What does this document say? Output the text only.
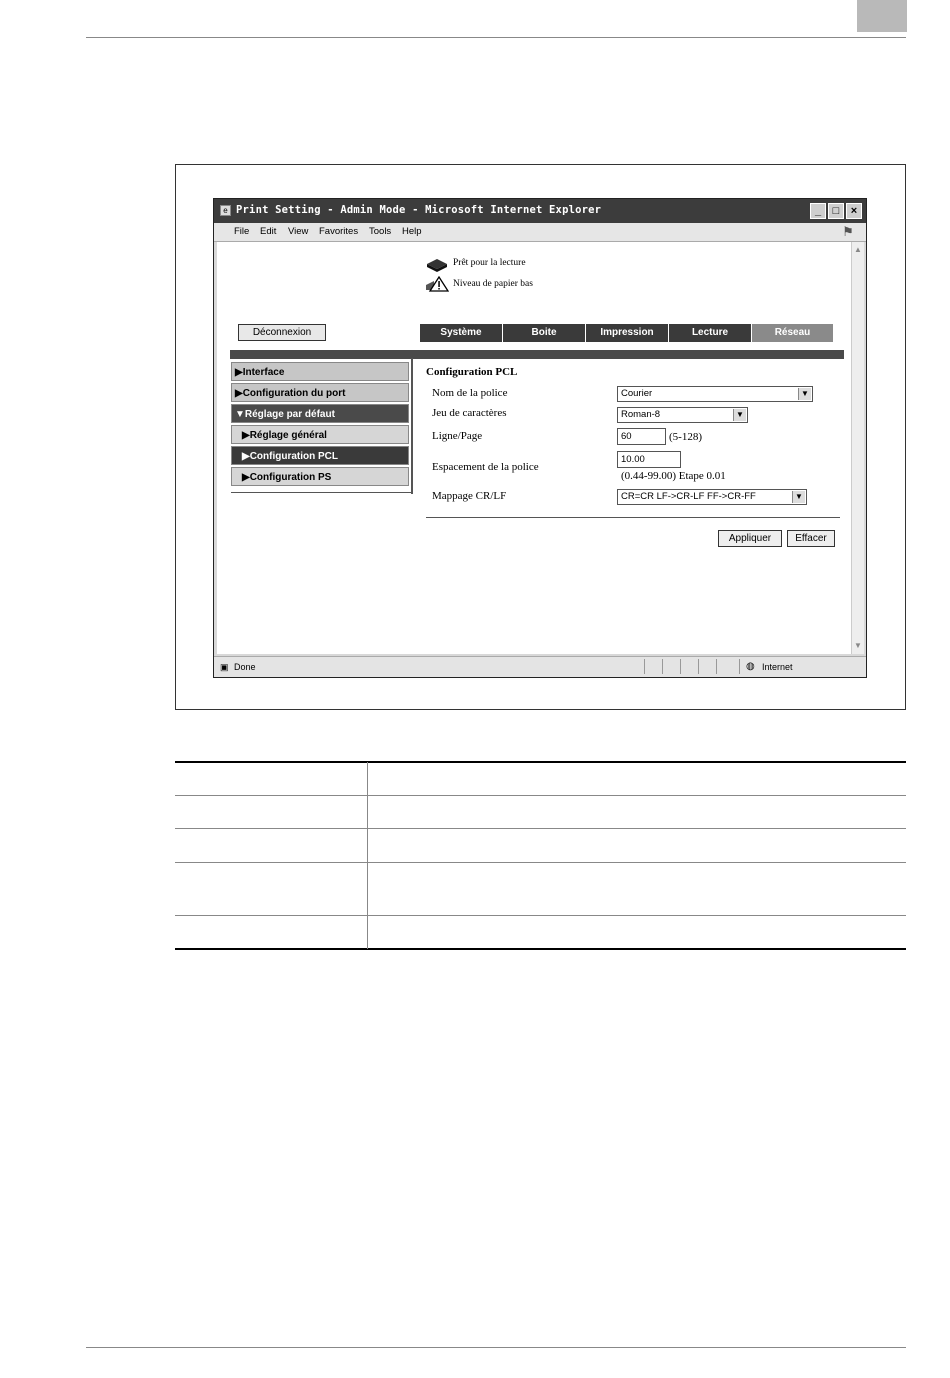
e Print Setting - Admin Mode - Microsoft Internet Explorer	_	□	×
File Edit View Favorites Tools Help	⚑
Prêt pour la lecture
Niveau de papier bas
Déconnexion	Système	Boite	Impression	Lecture	Réseau
▶Interface
▶Configuration du port
▼Réglage par défaut
▶Réglage général
▶Configuration PCL
▶Configuration PS
Configuration PCL
Nom de la police	Courier	▼
Jeu de caractères	Roman-8	▼
Ligne/Page	60	(5-128)
Espacement de la police
10.00
(0.44-99.00) Etape 0.01
Mappage CR/LF	CR=CR LF->CR-LF FF->CR-FF	▼
Appliquer	Effacer
▲
▼
▣ Done	◍ Internet
